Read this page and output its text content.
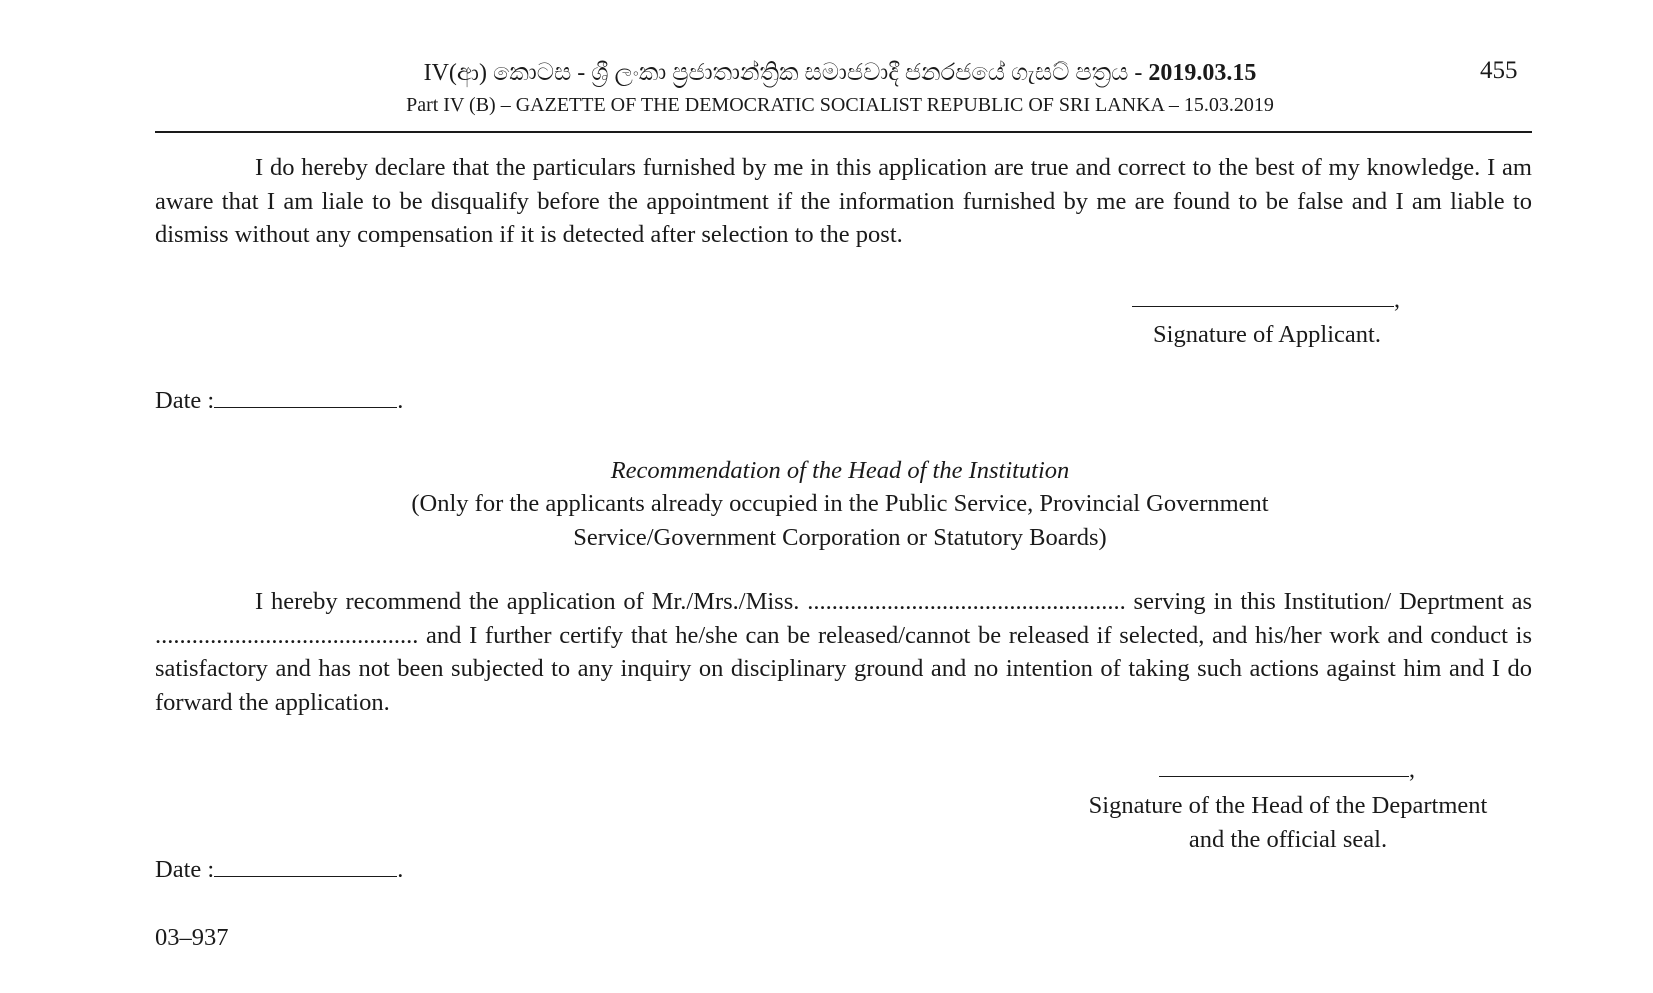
IV(ආ) කොටස - ශ්‍රී ලංකා ප්‍රජාතාන්ත්‍රික සමාජවාදී ජනරජයේ ගැසට් පත්‍රය - 2019.03.15	455
Part IV (B) – GAZETTE OF THE DEMOCRATIC SOCIALIST REPUBLIC OF SRI LANKA – 15.03.2019

I do hereby declare that the particulars furnished by me in this application are true and correct to the best of my knowledge. I am aware that I am liale to be disqualify before the appointment if the information furnished by me are found to be false and I am liable to dismiss without any compensation if it is detected after selection to the post.

,
Signature of Applicant.
Date :	.
Recommendation of the Head of the Institution
(Only for the applicants already occupied in the Public Service, Provincial Government
Service/Government Corporation or Statutory Boards)

I hereby recommend the application of Mr./Mrs./Miss. .................................................... serving in this Institution/ Deprtment as ........................................... and I further certify that he/she can be released/cannot be released if selected, and his/her work and conduct is satisfactory and has not been subjected to any inquiry on disciplinary ground and no intention of taking such actions against him and I do forward the application.

,
Signature of the Head of the Department
and the official seal.
Date :	.
03–937
